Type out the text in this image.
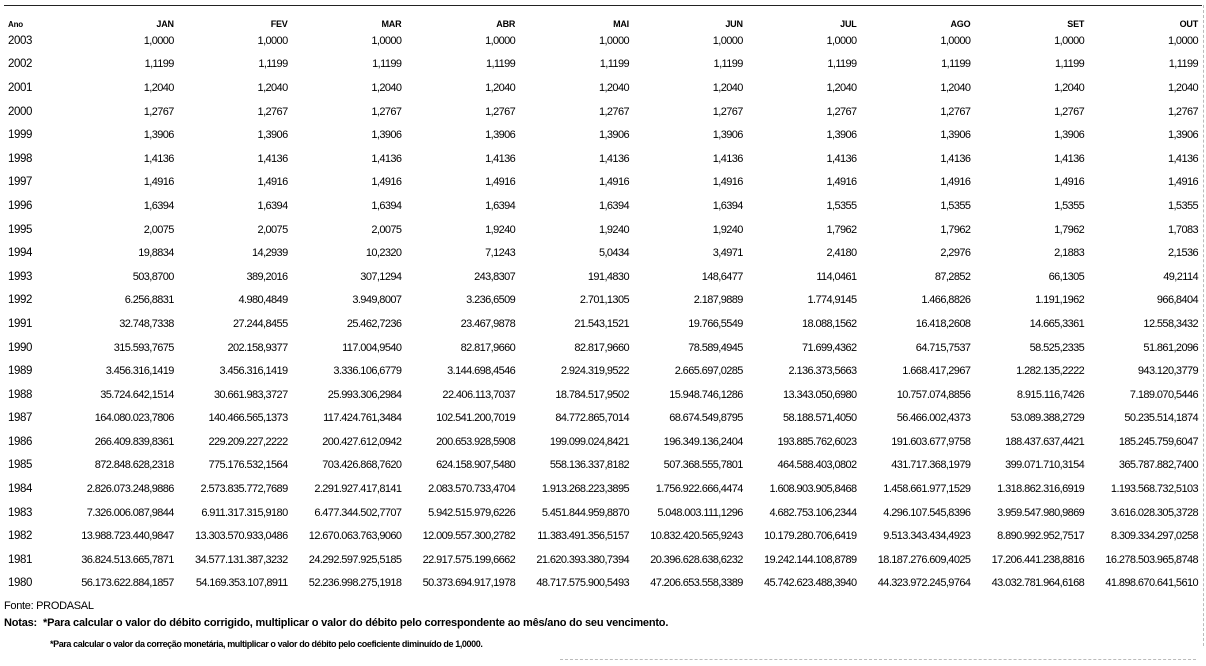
Ano	JAN	FEV	MAR	ABR	MAI	JUN	JUL	AGO	SET	OUT
2003	1,0000	1,0000	1,0000	1,0000	1,0000	1,0000	1,0000	1,0000	1,0000	1,0000
2002	1,1199	1,1199	1,1199	1,1199	1,1199	1,1199	1,1199	1,1199	1,1199	1,1199
2001	1,2040	1,2040	1,2040	1,2040	1,2040	1,2040	1,2040	1,2040	1,2040	1,2040
2000	1,2767	1,2767	1,2767	1,2767	1,2767	1,2767	1,2767	1,2767	1,2767	1,2767
1999	1,3906	1,3906	1,3906	1,3906	1,3906	1,3906	1,3906	1,3906	1,3906	1,3906
1998	1,4136	1,4136	1,4136	1,4136	1,4136	1,4136	1,4136	1,4136	1,4136	1,4136
1997	1,4916	1,4916	1,4916	1,4916	1,4916	1,4916	1,4916	1,4916	1,4916	1,4916
1996	1,6394	1,6394	1,6394	1,6394	1,6394	1,6394	1,5355	1,5355	1,5355	1,5355
1995	2,0075	2,0075	2,0075	1,9240	1,9240	1,9240	1,7962	1,7962	1,7962	1,7083
1994	19,8834	14,2939	10,2320	7,1243	5,0434	3,4971	2,4180	2,2976	2,1883	2,1536
1993	503,8700	389,2016	307,1294	243,8307	191,4830	148,6477	114,0461	87,2852	66,1305	49,2114
1992	6.256,8831	4.980,4849	3.949,8007	3.236,6509	2.701,1305	2.187,9889	1.774,9145	1.466,8826	1.191,1962	966,8404
1991	32.748,7338	27.244,8455	25.462,7236	23.467,9878	21.543,1521	19.766,5549	18.088,1562	16.418,2608	14.665,3361	12.558,3432
1990	315.593,7675	202.158,9377	117.004,9540	82.817,9660	82.817,9660	78.589,4945	71.699,4362	64.715,7537	58.525,2335	51.861,2096
1989	3.456.316,1419	3.456.316,1419	3.336.106,6779	3.144.698,4546	2.924.319,9522	2.665.697,0285	2.136.373,5663	1.668.417,2967	1.282.135,2222	943.120,3779
1988	35.724.642,1514	30.661.983,3727	25.993.306,2984	22.406.113,7037	18.784.517,9502	15.948.746,1286	13.343.050,6980	10.757.074,8856	8.915.116,7426	7.189.070,5446
1987	164.080.023,7806	140.466.565,1373	117.424.761,3484	102.541.200,7019	84.772.865,7014	68.674.549,8795	58.188.571,4050	56.466.002,4373	53.089.388,2729	50.235.514,1874
1986	266.409.839,8361	229.209.227,2222	200.427.612,0942	200.653.928,5908	199.099.024,8421	196.349.136,2404	193.885.762,6023	191.603.677,9758	188.437.637,4421	185.245.759,6047
1985	872.848.628,2318	775.176.532,1564	703.426.868,7620	624.158.907,5480	558.136.337,8182	507.368.555,7801	464.588.403,0802	431.717.368,1979	399.071.710,3154	365.787.882,7400
1984	2.826.073.248,9886	2.573.835.772,7689	2.291.927.417,8141	2.083.570.733,4704	1.913.268.223,3895	1.756.922.666,4474	1.608.903.905,8468	1.458.661.977,1529	1.318.862.316,6919	1.193.568.732,5103
1983	7.326.006.087,9844	6.911.317.315,9180	6.477.344.502,7707	5.942.515.979,6226	5.451.844.959,8870	5.048.003.111,1296	4.682.753.106,2344	4.296.107.545,8396	3.959.547.980,9869	3.616.028.305,3728
1982	13.988.723.440,9847	13.303.570.933,0486	12.670.063.763,9060	12.009.557.300,2782	11.383.491.356,5157	10.832.420.565,9243	10.179.280.706,6419	9.513.343.434,4923	8.890.992.952,7517	8.309.334.297,0258
1981	36.824.513.665,7871	34.577.131.387,3232	24.292.597.925,5185	22.917.575.199,6662	21.620.393.380,7394	20.396.628.638,6232	19.242.144.108,8789	18.187.276.609,4025	17.206.441.238,8816	16.278.503.965,8748
1980	56.173.622.884,1857	54.169.353.107,8911	52.236.998.275,1918	50.373.694.917,1978	48.717.575.900,5493	47.206.653.558,3389	45.742.623.488,3940	44.323.972.245,9764	43.032.781.964,6168	41.898.670.641,5610
Fonte: PRODASAL
Notas: *Para calcular o valor do débito corrigido, multiplicar o valor do débito pelo correspondente ao mês/ano do seu vencimento.
*Para calcular o valor da correção monetária, multiplicar o valor do débito pelo coeficiente diminuído de 1,0000.
